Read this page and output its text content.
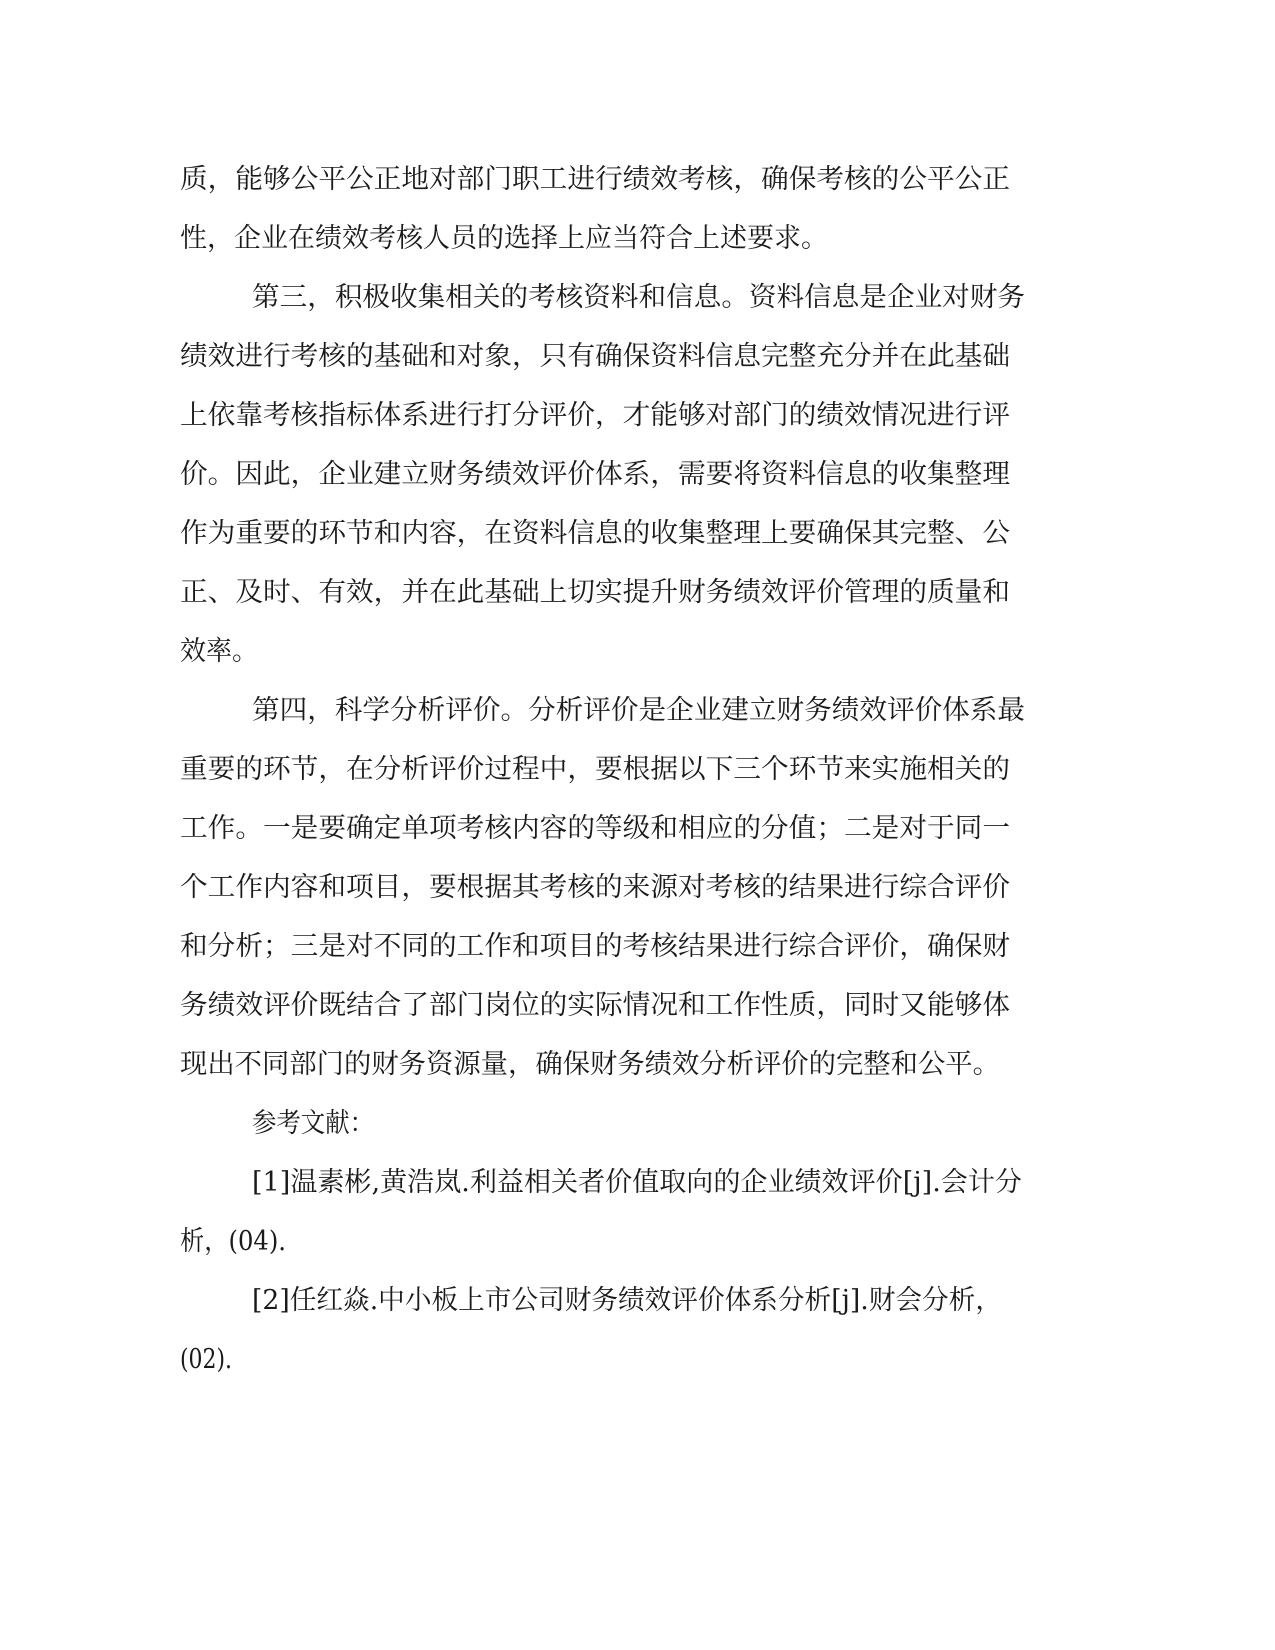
质，能够公平公正地对部门职工进行绩效考核，确保考核的公平公正
性，企业在绩效考核人员的选择上应当符合上述要求。
第三，积极收集相关的考核资料和信息。资料信息是企业对财务
绩效进行考核的基础和对象，只有确保资料信息完整充分并在此基础
上依靠考核指标体系进行打分评价，才能够对部门的绩效情况进行评
价。因此，企业建立财务绩效评价体系，需要将资料信息的收集整理
作为重要的环节和内容，在资料信息的收集整理上要确保其完整、公
正、及时、有效，并在此基础上切实提升财务绩效评价管理的质量和
效率。
第四，科学分析评价。分析评价是企业建立财务绩效评价体系最
重要的环节，在分析评价过程中，要根据以下三个环节来实施相关的
工作。一是要确定单项考核内容的等级和相应的分值；二是对于同一
个工作内容和项目，要根据其考核的来源对考核的结果进行综合评价
和分析；三是对不同的工作和项目的考核结果进行综合评价，确保财
务绩效评价既结合了部门岗位的实际情况和工作性质，同时又能够体
现出不同部门的财务资源量，确保财务绩效分析评价的完整和公平。
参考文献：
[1]温素彬,黄浩岚.利益相关者价值取向的企业绩效评价[j].会计分
析，(04).
[2]任红焱.中小板上市公司财务绩效评价体系分析[j].财会分析，
(02).
